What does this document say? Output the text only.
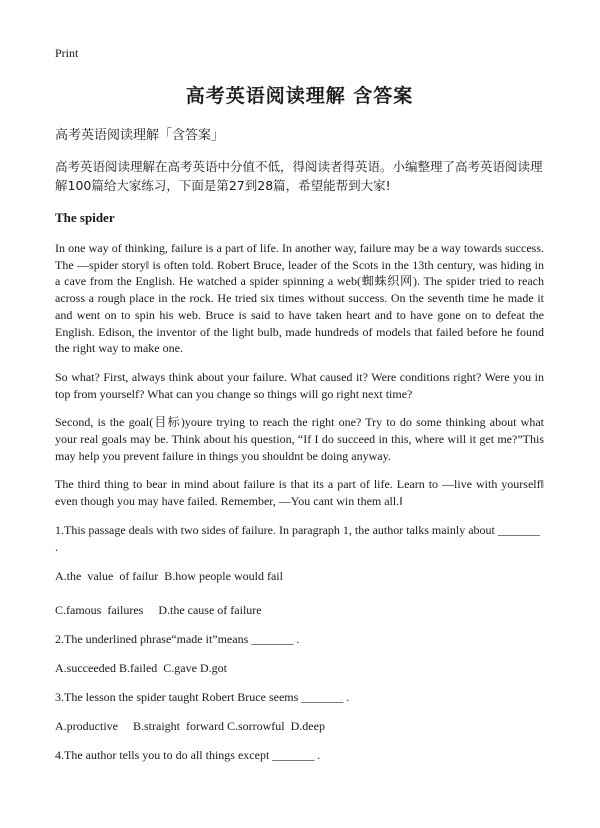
Print
高考英语阅读理解 含答案
高考英语阅读理解「含答案」

高考英语阅读理解在高考英语中分值不低，得阅读者得英语。小编整理了高考英语阅读理解100篇给大家练习，下面是第27到28篇，希望能帮到大家!

The spider

In one way of thinking, failure is a part of life. In another way, failure may be a way towards success. The —spider story‖ is often told. Robert Bruce, leader of the Scots in the 13th century, was hiding in a cave from the English. He watched a spider spinning a web(蜘蛛织网). The spider tried to reach across a rough place in the rock. He tried six times without success. On the seventh time he made it and went on to spin his web. Bruce is said to have taken heart and to have gone on to defeat the English. Edison, the inventor of the light bulb, made hundreds of models that failed before he found the right way to make one.

So what? First, always think about your failure. What caused it? Were conditions right? Were you in top from yourself? What can you change so things will go right next time?

Second, is the goal(目标)youre trying to reach the right one? Try to do some thinking about what your real goals may be. Think about his question, “If I do succeed in this, where will it get me?”This may help you prevent failure in things you shouldnt be doing anyway.

The third thing to bear in mind about failure is that its a part of life. Learn to —live with yourself‖ even though you may have failed. Remember, —You cant win them all.‖

1.This passage deals with two sides of failure. In paragraph 1, the author talks mainly about _______ .

A.the  value  of failur  B.how people would fail

C.famous  failures     D.the cause of failure

2.The underlined phrase“made it”means _______ .

A.succeeded B.failed  C.gave D.got

3.The lesson the spider taught Robert Bruce seems _______ .

A.productive     B.straight  forward C.sorrowful  D.deep

4.The author tells you to do all things except _______ .
